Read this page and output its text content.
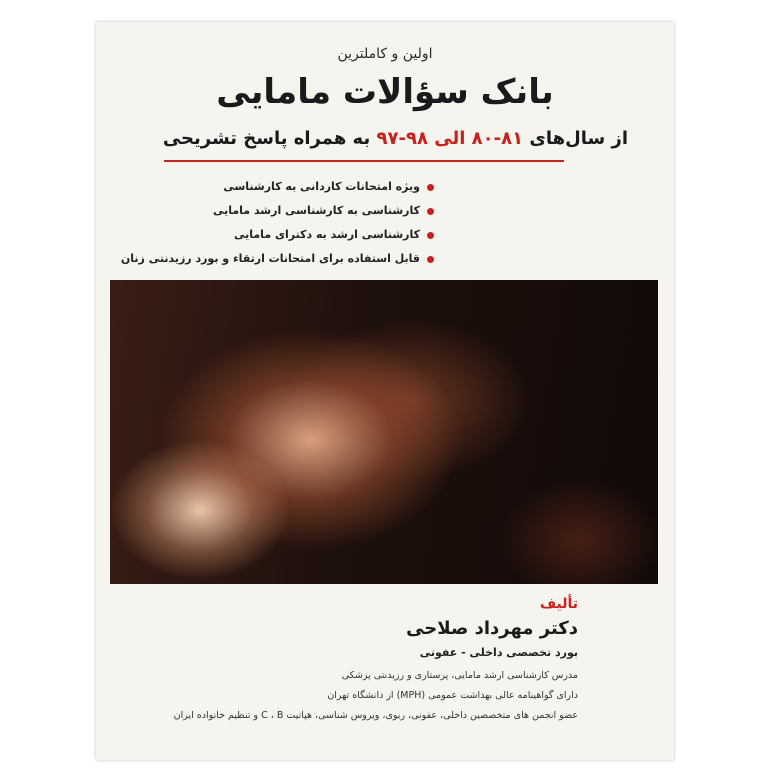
اولین و کاملترین
بانک سؤالات مامایی
از سال‌های ۸۱-۸۰ الی ۹۸-۹۷ به همراه پاسخ تشریحی
ویژه امتحانات کاردانی به کارشناسی
کارشناسی به کارشناسی ارشد مامایی
کارشناسی ارشد به دکترای مامایی
قابل استفاده برای امتحانات ارتقاء و بورد رزیدنتی زنان
تألیف
دکتر مهرداد صلاحی
بورد تخصصی داخلی - عفونی
مدرس کارشناسی ارشد مامایی، پرستاری و رزیدنتی پزشکی
دارای گواهینامه عالی بهداشت عمومی (MPH) از دانشگاه تهران
عضو انجمن های متخصصین داخلی، عفونی، ریوی، ویروس شناسی، هپاتیت C ، B و تنظیم خانواده ایران
